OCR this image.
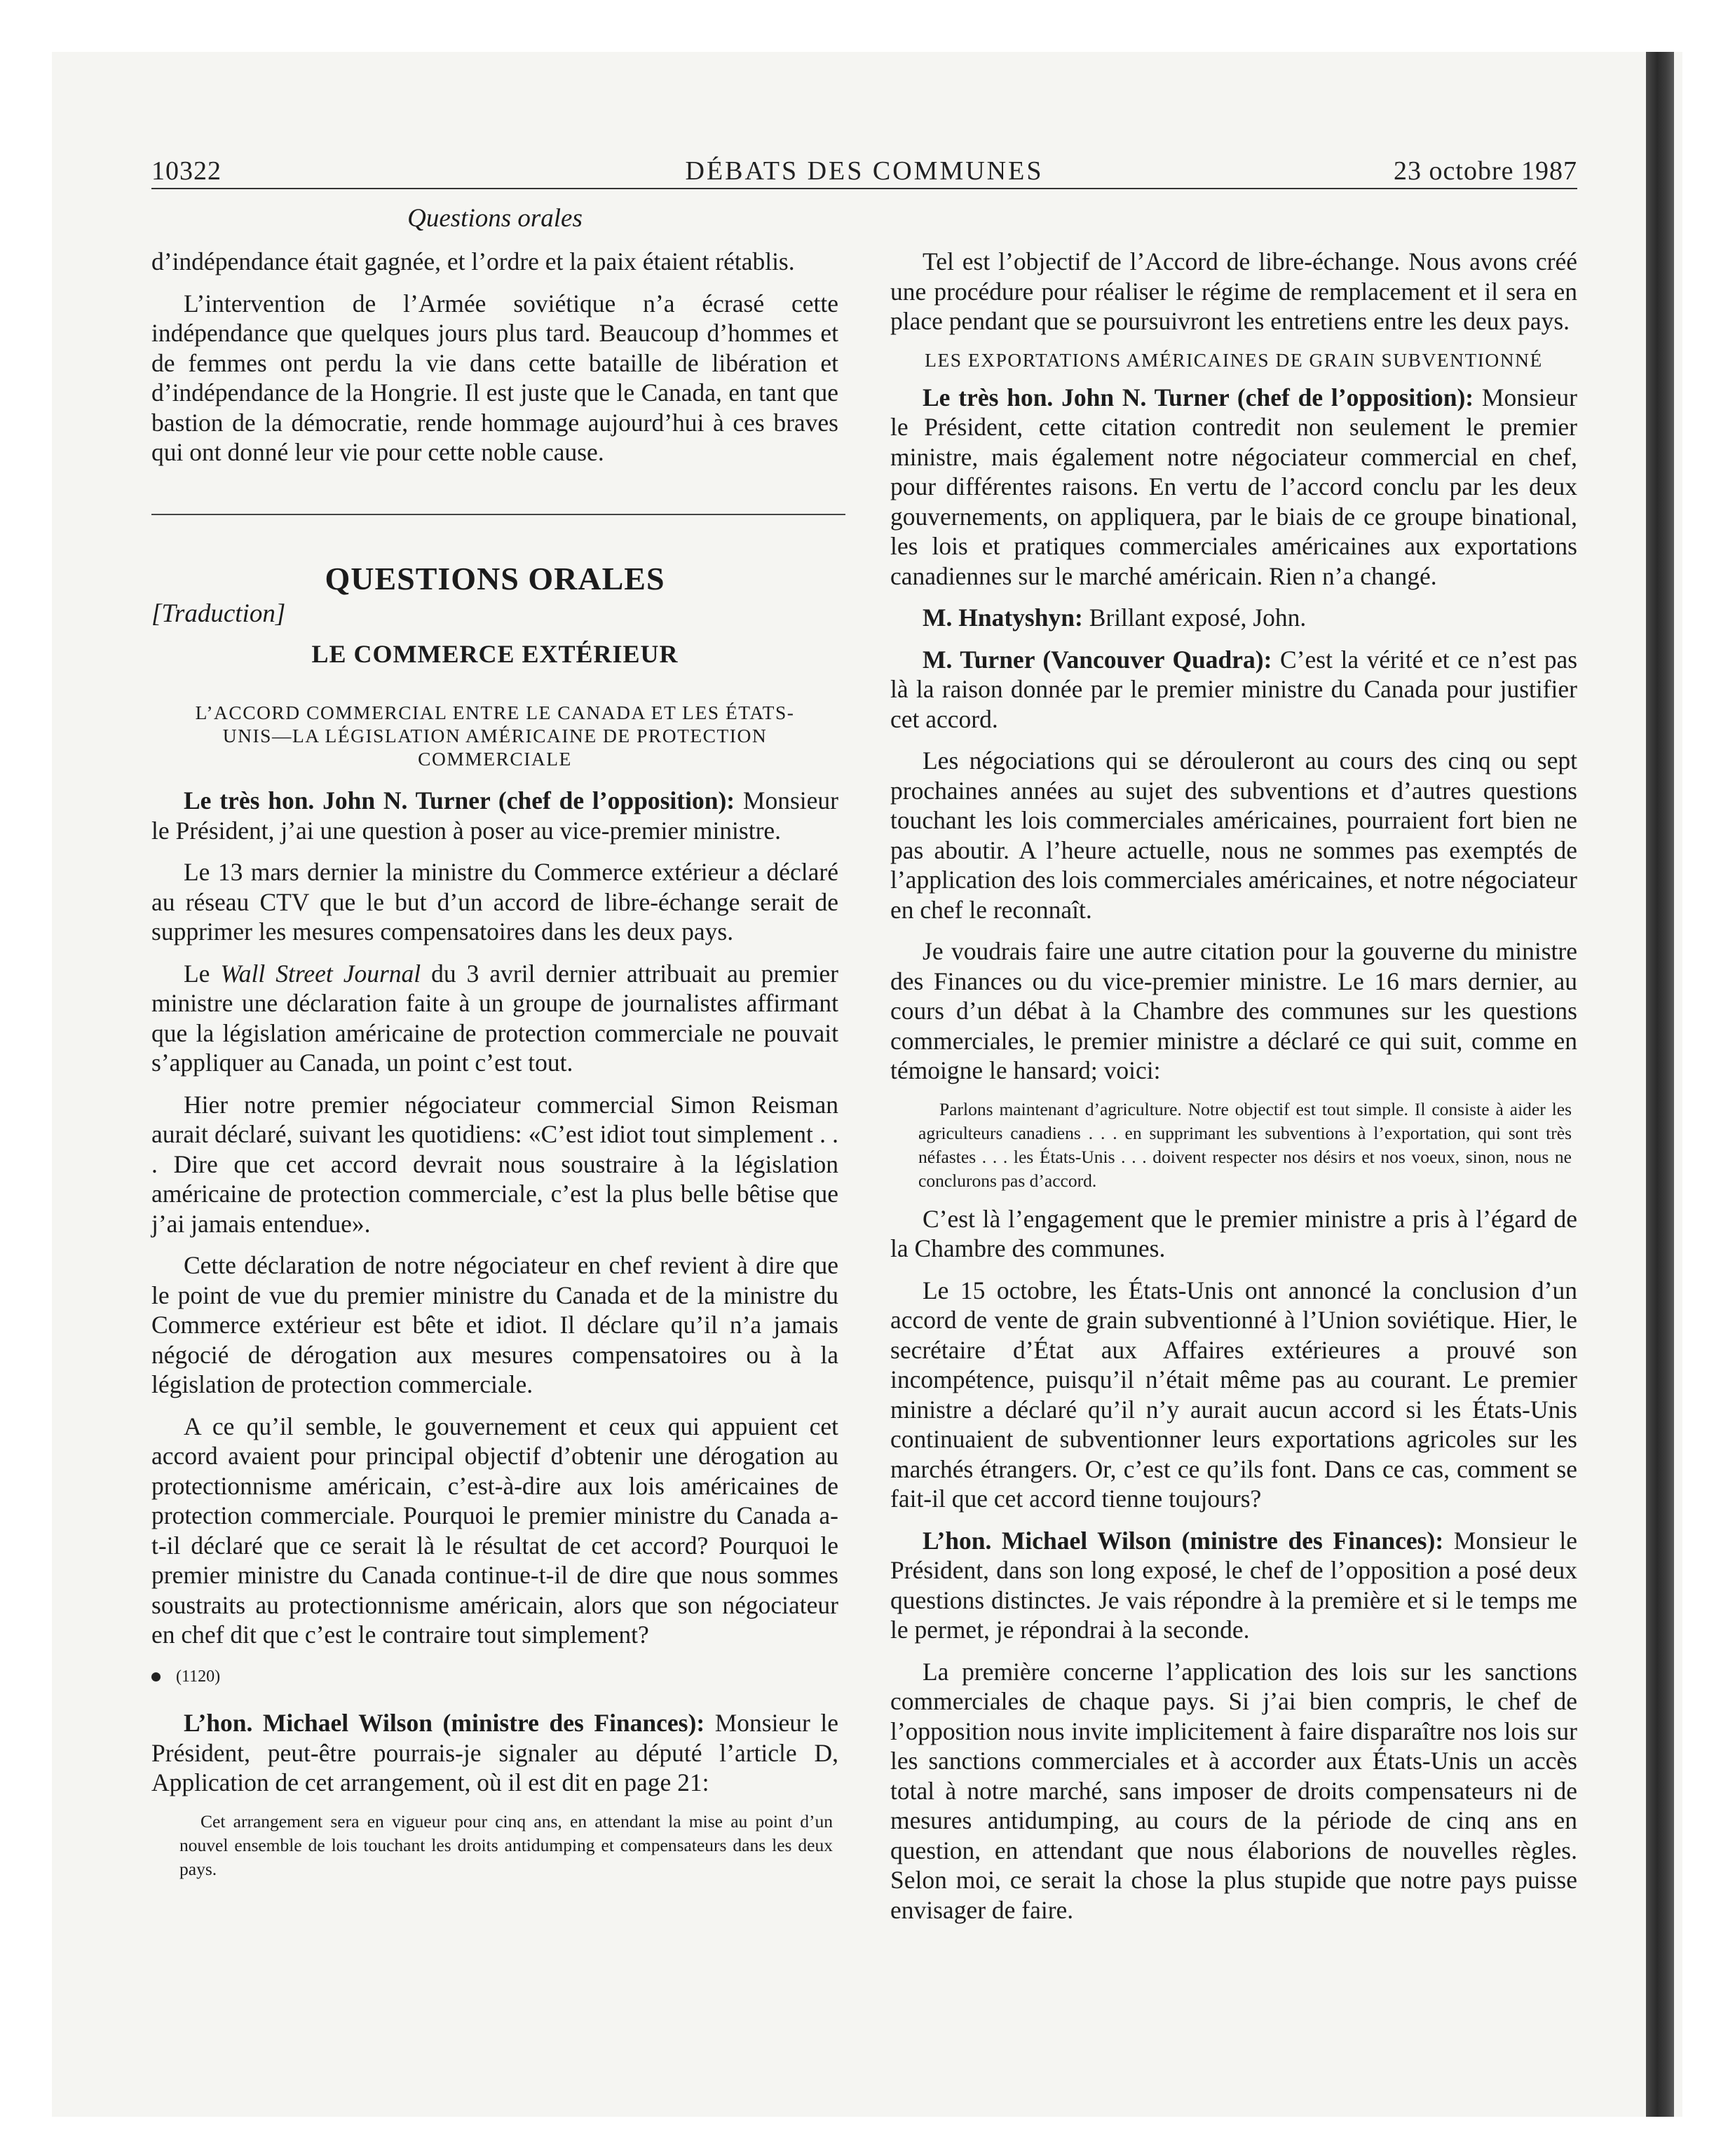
10322	DÉBATS DES COMMUNES	23 octobre 1987
Questions orales

d’indépendance était gagnée, et l’ordre et la paix étaient rétablis.

L’intervention de l’Armée soviétique n’a écrasé cette indépendance que quelques jours plus tard. Beaucoup d’hommes et de femmes ont perdu la vie dans cette bataille de libération et d’indépendance de la Hongrie. Il est juste que le Canada, en tant que bastion de la démocratie, rende hommage aujourd’hui à ces braves qui ont donné leur vie pour cette noble cause.

QUESTIONS ORALES
[Traduction]
LE COMMERCE EXTÉRIEUR
L’ACCORD COMMERCIAL ENTRE LE CANADA ET LES ÉTATS-UNIS—LA LÉGISLATION AMÉRICAINE DE PROTECTION COMMERCIALE

Le très hon. John N. Turner (chef de l’opposition): Monsieur le Président, j’ai une question à poser au vice-premier ministre.

Le 13 mars dernier la ministre du Commerce extérieur a déclaré au réseau CTV que le but d’un accord de libre-échange serait de supprimer les mesures compensatoires dans les deux pays.

Le Wall Street Journal du 3 avril dernier attribuait au premier ministre une déclaration faite à un groupe de journalistes affirmant que la législation américaine de protection commerciale ne pouvait s’appliquer au Canada, un point c’est tout.

Hier notre premier négociateur commercial Simon Reisman aurait déclaré, suivant les quotidiens: «C’est idiot tout simplement . . . Dire que cet accord devrait nous soustraire à la législation américaine de protection commerciale, c’est la plus belle bêtise que j’ai jamais entendue».

Cette déclaration de notre négociateur en chef revient à dire que le point de vue du premier ministre du Canada et de la ministre du Commerce extérieur est bête et idiot. Il déclare qu’il n’a jamais négocié de dérogation aux mesures compensatoires ou à la législation de protection commerciale.

A ce qu’il semble, le gouvernement et ceux qui appuient cet accord avaient pour principal objectif d’obtenir une dérogation au protectionnisme américain, c’est-à-dire aux lois américaines de protection commerciale. Pourquoi le premier ministre du Canada a-t-il déclaré que ce serait là le résultat de cet accord? Pourquoi le premier ministre du Canada continue-t-il de dire que nous sommes soustraits au protectionnisme américain, alors que son négociateur en chef dit que c’est le contraire tout simplement?

(1120)

L’hon. Michael Wilson (ministre des Finances): Monsieur le Président, peut-être pourrais-je signaler au député l’article D, Application de cet arrangement, où il est dit en page 21:

Cet arrangement sera en vigueur pour cinq ans, en attendant la mise au point d’un nouvel ensemble de lois touchant les droits antidumping et compensateurs dans les deux pays.

Tel est l’objectif de l’Accord de libre-échange. Nous avons créé une procédure pour réaliser le régime de remplacement et il sera en place pendant que se poursuivront les entretiens entre les deux pays.

LES EXPORTATIONS AMÉRICAINES DE GRAIN SUBVENTIONNÉ

Le très hon. John N. Turner (chef de l’opposition): Monsieur le Président, cette citation contredit non seulement le premier ministre, mais également notre négociateur commercial en chef, pour différentes raisons. En vertu de l’accord conclu par les deux gouvernements, on appliquera, par le biais de ce groupe binational, les lois et pratiques commerciales américaines aux exportations canadiennes sur le marché américain. Rien n’a changé.

M. Hnatyshyn: Brillant exposé, John.

M. Turner (Vancouver Quadra): C’est la vérité et ce n’est pas là la raison donnée par le premier ministre du Canada pour justifier cet accord.

Les négociations qui se dérouleront au cours des cinq ou sept prochaines années au sujet des subventions et d’autres questions touchant les lois commerciales américaines, pourraient fort bien ne pas aboutir. A l’heure actuelle, nous ne sommes pas exemptés de l’application des lois commerciales américaines, et notre négociateur en chef le reconnaît.

Je voudrais faire une autre citation pour la gouverne du ministre des Finances ou du vice-premier ministre. Le 16 mars dernier, au cours d’un débat à la Chambre des communes sur les questions commerciales, le premier ministre a déclaré ce qui suit, comme en témoigne le hansard; voici:

Parlons maintenant d’agriculture. Notre objectif est tout simple. Il consiste à aider les agriculteurs canadiens . . . en supprimant les subventions à l’exportation, qui sont très néfastes . . . les États-Unis . . . doivent respecter nos désirs et nos voeux, sinon, nous ne conclurons pas d’accord.

C’est là l’engagement que le premier ministre a pris à l’égard de la Chambre des communes.

Le 15 octobre, les États-Unis ont annoncé la conclusion d’un accord de vente de grain subventionné à l’Union soviétique. Hier, le secrétaire d’État aux Affaires extérieures a prouvé son incompétence, puisqu’il n’était même pas au courant. Le premier ministre a déclaré qu’il n’y aurait aucun accord si les États-Unis continuaient de subventionner leurs exportations agricoles sur les marchés étrangers. Or, c’est ce qu’ils font. Dans ce cas, comment se fait-il que cet accord tienne toujours?

L’hon. Michael Wilson (ministre des Finances): Monsieur le Président, dans son long exposé, le chef de l’opposition a posé deux questions distinctes. Je vais répondre à la première et si le temps me le permet, je répondrai à la seconde.

La première concerne l’application des lois sur les sanctions commerciales de chaque pays. Si j’ai bien compris, le chef de l’opposition nous invite implicitement à faire disparaître nos lois sur les sanctions commerciales et à accorder aux États-Unis un accès total à notre marché, sans imposer de droits compensateurs ni de mesures antidumping, au cours de la période de cinq ans en question, en attendant que nous élaborions de nouvelles règles. Selon moi, ce serait la chose la plus stupide que notre pays puisse envisager de faire.
